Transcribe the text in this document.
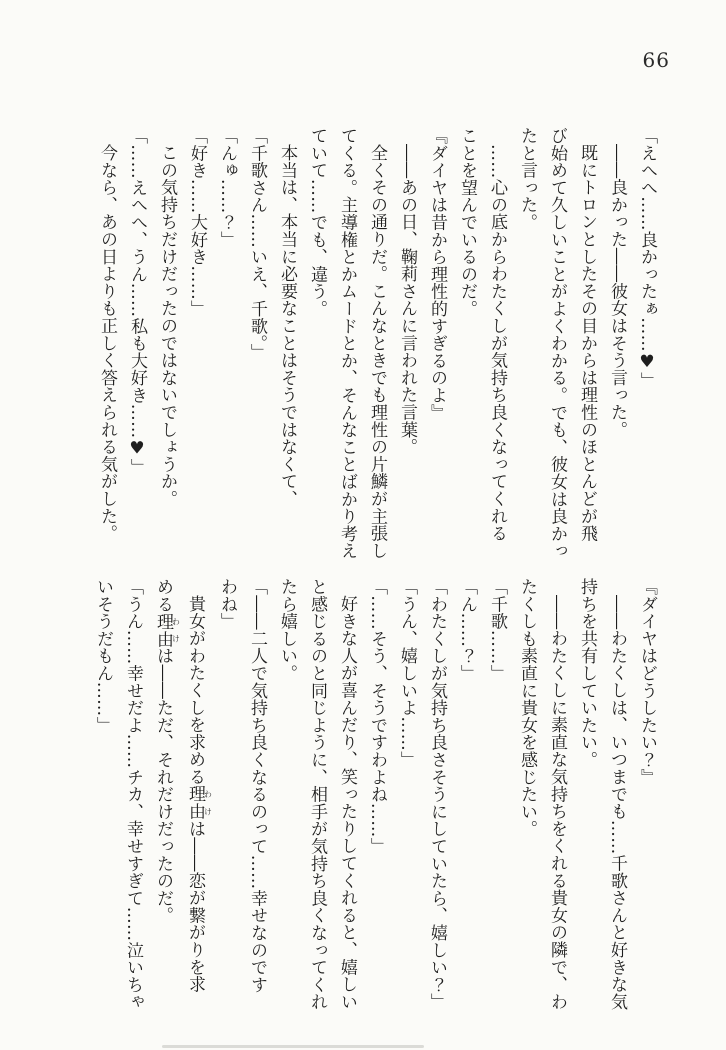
66

「えへへ……良かったぁ……♥」

――良かった――彼女はそう言った。

既にトロンとしたその目からは理性のほとんどが飛

び始めて久しいことがよくわかる。でも、彼女は良かっ

たと言った。

……心の底からわたくしが気持ち良くなってくれる

ことを望んでいるのだ。

『ダイヤは昔から理性的すぎるのよ』

――あの日、鞠莉さんに言われた言葉。

全くその通りだ。こんなときでも理性の片鱗が主張し

てくる。主導権とかムードとか、そんなことばかり考え

ていて……でも、違う。

本当は、本当に必要なことはそうではなくて、

「千歌さん……いえ、千歌。」

「んゅ……？」

「好き……大好き……」

この気持ちだけだったのではないでしょうか。

「……えへへ、うん……私も大好き……♥」

今なら、あの日よりも正しく答えられる気がした。

『ダイヤはどうしたい？』

――わたくしは、いつまでも……千歌さんと好きな気

持ちを共有していたい。

――わたくしに素直な気持ちをくれる貴女の隣で、わ

たくしも素直に貴女を感じたい。

「千歌……」

「ん……？」

「わたくしが気持ち良さそうにしていたら、嬉しい？」

「うん、嬉しいよ……」

「……そう、そうですわよね……」

好きな人が喜んだり、笑ったりしてくれると、嬉しい

と感じるのと同じように、相手が気持ち良くなってくれ

たら嬉しい。

「――二人で気持ち良くなるのって……幸せなのです

わね」

貴女がわたくしを求める理由わけは――恋が繋がりを求

める理由わけは――ただ、それだけだったのだ。

「うん……幸せだよ……チカ、幸せすぎて……泣いちゃ

いそうだもん……」
